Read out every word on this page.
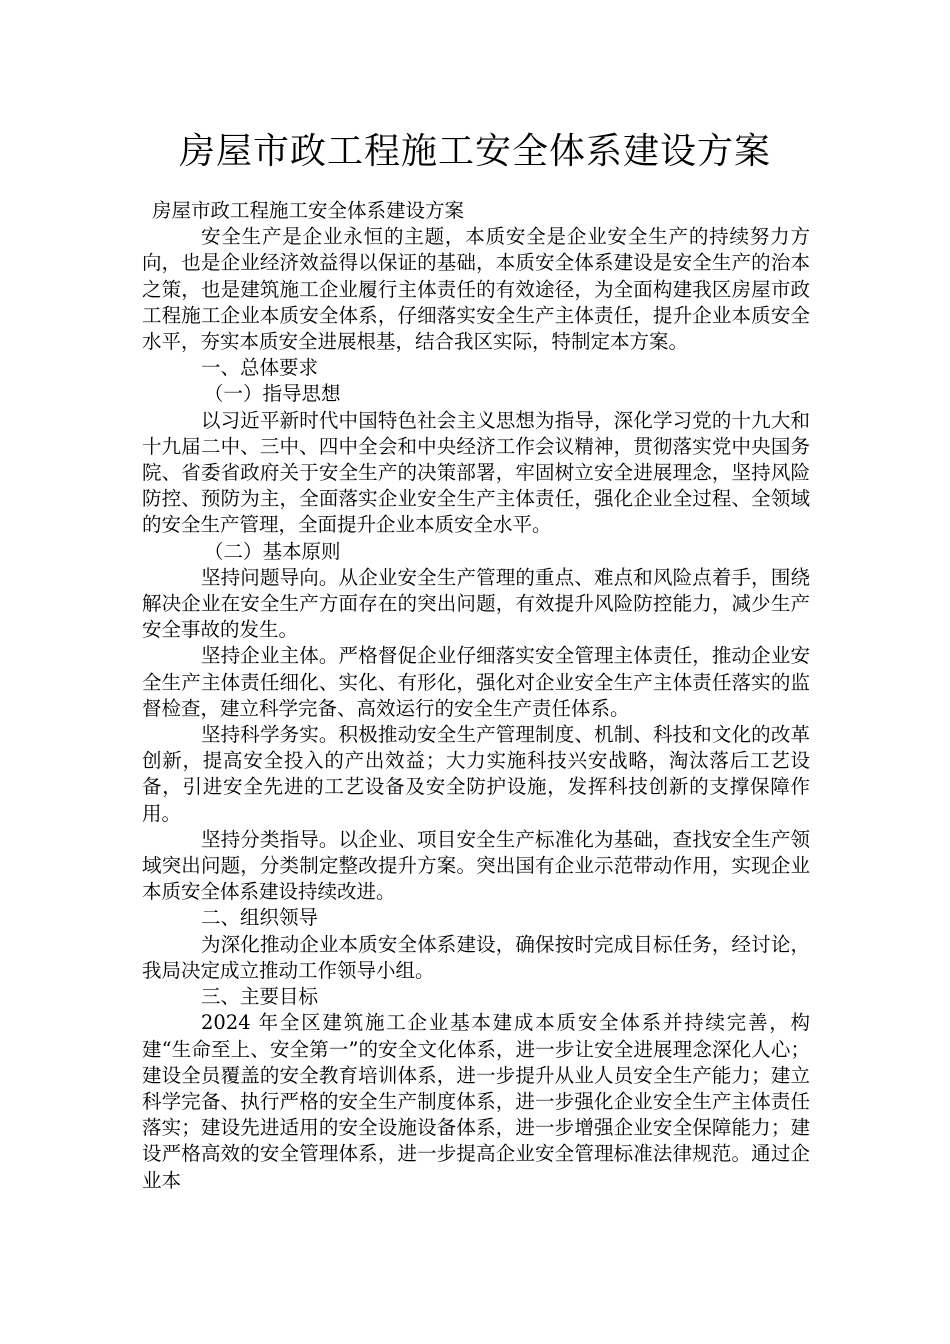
房屋市政工程施工安全体系建设方案

房屋市政工程施工安全体系建设方案

安全生产是企业永恒的主题，本质安全是企业安全生产的持续努力方向，也是企业经济效益得以保证的基础，本质安全体系建设是安全生产的治本之策，也是建筑施工企业履行主体责任的有效途径，为全面构建我区房屋市政工程施工企业本质安全体系，仔细落实安全生产主体责任，提升企业本质安全水平，夯实本质安全进展根基，结合我区实际，特制定本方案。

一、总体要求

（一）指导思想

以习近平新时代中国特色社会主义思想为指导，深化学习党的十九大和十九届二中、三中、四中全会和中央经济工作会议精神，贯彻落实党中央国务院、省委省政府关于安全生产的决策部署，牢固树立安全进展理念，坚持风险防控、预防为主，全面落实企业安全生产主体责任，强化企业全过程、全领域的安全生产管理，全面提升企业本质安全水平。

（二）基本原则

坚持问题导向。从企业安全生产管理的重点、难点和风险点着手，围绕解决企业在安全生产方面存在的突出问题，有效提升风险防控能力，减少生产安全事故的发生。

坚持企业主体。严格督促企业仔细落实安全管理主体责任，推动企业安全生产主体责任细化、实化、有形化，强化对企业安全生产主体责任落实的监督检查，建立科学完备、高效运行的安全生产责任体系。

坚持科学务实。积极推动安全生产管理制度、机制、科技和文化的改革创新，提高安全投入的产出效益；大力实施科技兴安战略，淘汰落后工艺设备，引进安全先进的工艺设备及安全防护设施，发挥科技创新的支撑保障作用。

坚持分类指导。以企业、项目安全生产标准化为基础，查找安全生产领域突出问题，分类制定整改提升方案。突出国有企业示范带动作用，实现企业本质安全体系建设持续改进。

二、组织领导

为深化推动企业本质安全体系建设，确保按时完成目标任务，经讨论，我局决定成立推动工作领导小组。

三、主要目标

2024 年全区建筑施工企业基本建成本质安全体系并持续完善，构建“生命至上、安全第一”的安全文化体系，进一步让安全进展理念深化人心；建设全员覆盖的安全教育培训体系，进一步提升从业人员安全生产能力；建立科学完备、执行严格的安全生产制度体系，进一步强化企业安全生产主体责任落实；建设先进适用的安全设施设备体系，进一步增强企业安全保障能力；建设严格高效的安全管理体系，进一步提高企业安全管理标准法律规范。通过企业本
